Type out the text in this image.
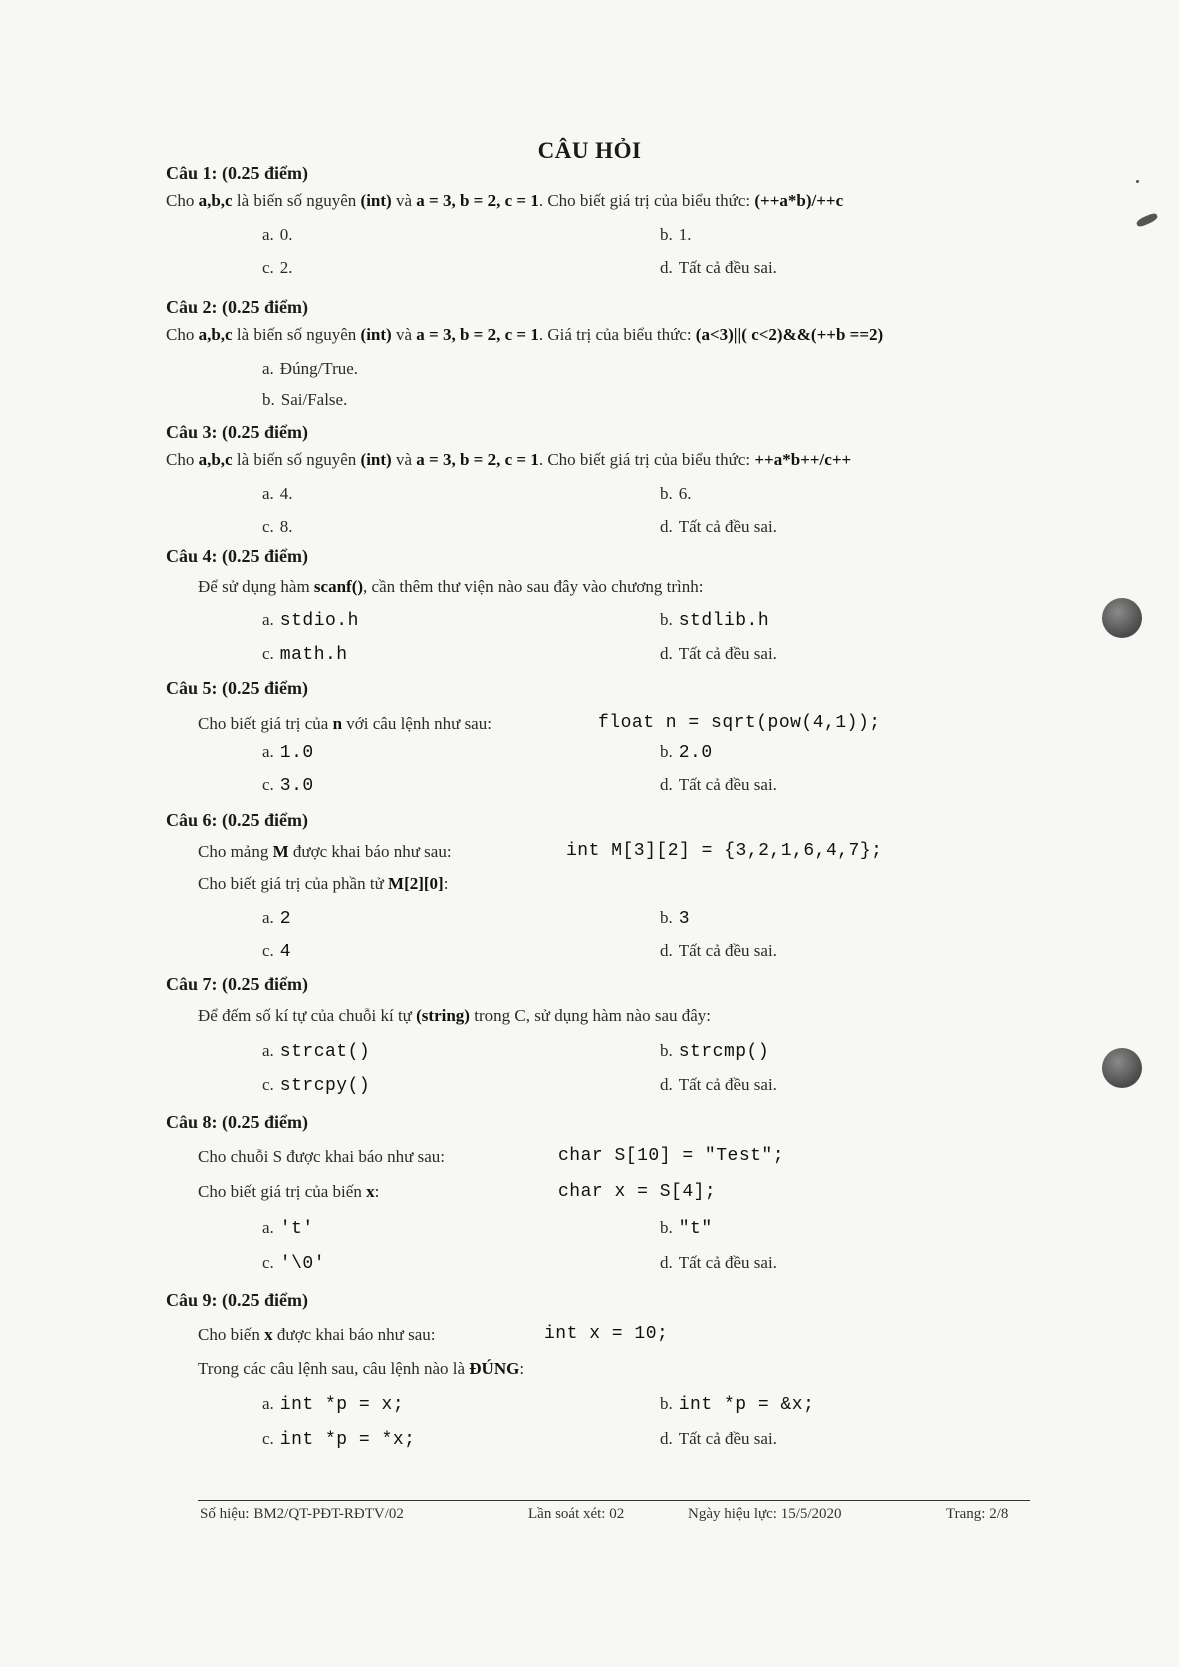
CÂU HỎI
Câu 1: (0.25 điểm)
Cho a,b,c là biến số nguyên (int) và a = 3, b = 2, c = 1. Cho biết giá trị của biểu thức: (++a*b)/++c
a. 0.	b. 1.
c. 2.	d. Tất cả đều sai.
Câu 2: (0.25 điểm)
Cho a,b,c là biến số nguyên (int) và a = 3, b = 2, c = 1. Giá trị của biểu thức: (a<3)||( c<2)&&(++b ==2)
a. Đúng/True.
b. Sai/False.
Câu 3: (0.25 điểm)
Cho a,b,c là biến số nguyên (int) và a = 3, b = 2, c = 1. Cho biết giá trị của biểu thức: ++a*b++/c++
a. 4.	b. 6.
c. 8.	d. Tất cả đều sai.
Câu 4: (0.25 điểm)
Để sử dụng hàm scanf(), cần thêm thư viện nào sau đây vào chương trình:
a. stdio.h	b. stdlib.h
c. math.h	d. Tất cả đều sai.
Câu 5: (0.25 điểm)
Cho biết giá trị của n với câu lệnh như sau:	float n = sqrt(pow(4,1));
a. 1.0	b. 2.0
c. 3.0	d. Tất cả đều sai.
Câu 6: (0.25 điểm)
Cho mảng M được khai báo như sau:	int M[3][2] = {3,2,1,6,4,7};
Cho biết giá trị của phần tử M[2][0]:
a. 2	b. 3
c. 4	d. Tất cả đều sai.
Câu 7: (0.25 điểm)
Để đếm số kí tự của chuỗi kí tự (string) trong C, sử dụng hàm nào sau đây:
a. strcat()	b. strcmp()
c. strcpy()	d. Tất cả đều sai.
Câu 8: (0.25 điểm)
Cho chuỗi S được khai báo như sau:	char S[10] = "Test";
Cho biết giá trị của biến x:	char x = S[4];
a. 't'	b. "t"
c. '\0'	d. Tất cả đều sai.
Câu 9: (0.25 điểm)
Cho biến x được khai báo như sau:	int x = 10;
Trong các câu lệnh sau, câu lệnh nào là ĐÚNG:
a. int *p = x;	b. int *p = &x;
c. int *p = *x;	d. Tất cả đều sai.
Số hiệu: BM2/QT-PĐT-RĐTV/02	Lần soát xét: 02	Ngày hiệu lực: 15/5/2020	Trang: 2/8
